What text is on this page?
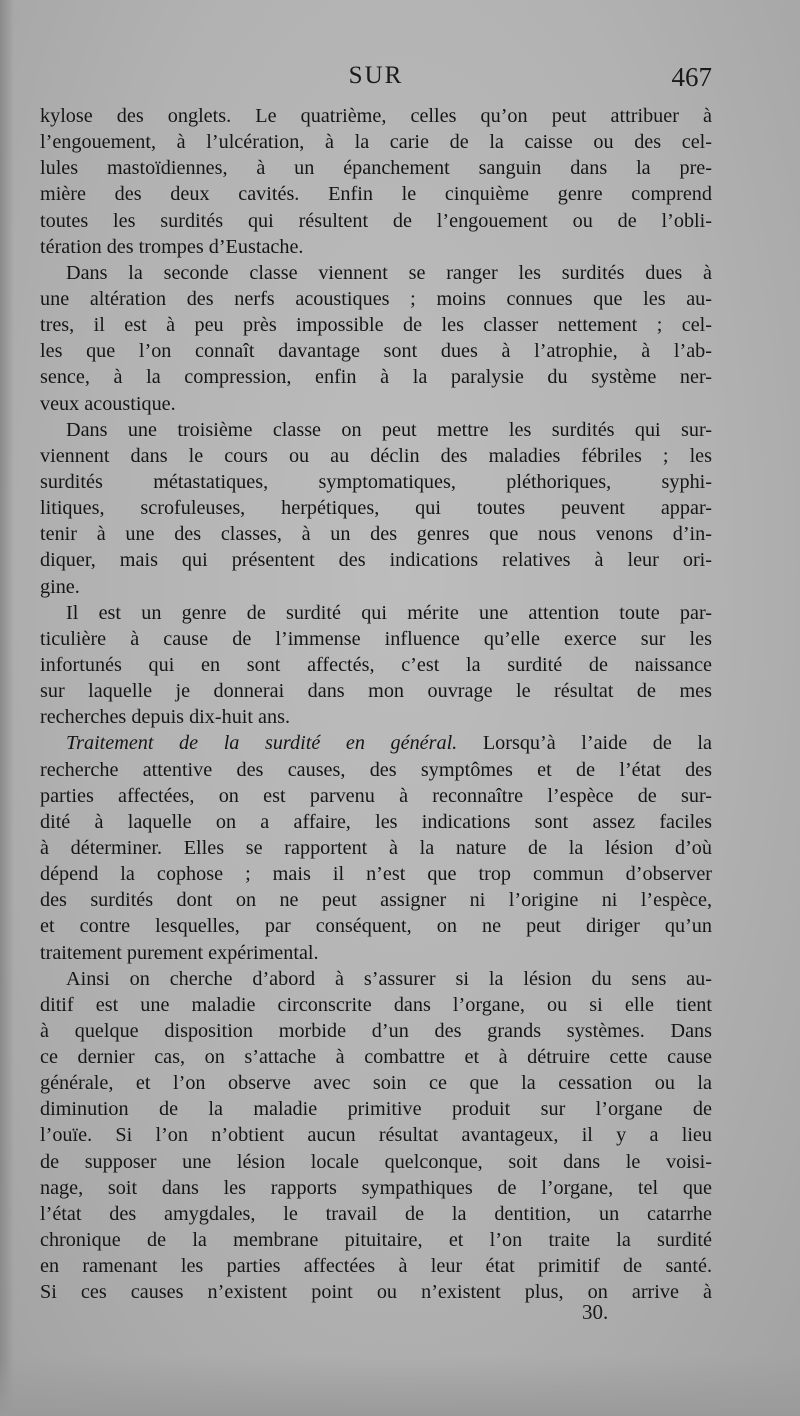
SUR	467
kylose des onglets. Le quatrième, celles qu’on peut attribuer à
l’engouement, à l’ulcération, à la carie de la caisse ou des cel-
lules mastoïdiennes, à un épanchement sanguin dans la pre-
mière des deux cavités. Enfin le cinquième genre comprend
toutes les surdités qui résultent de l’engouement ou de l’obli-
tération des trompes d’Eustache.
Dans la seconde classe viennent se ranger les surdités dues à
une altération des nerfs acoustiques ; moins connues que les au-
tres, il est à peu près impossible de les classer nettement ; cel-
les que l’on connaît davantage sont dues à l’atrophie, à l’ab-
sence, à la compression, enfin à la paralysie du système ner-
veux acoustique.
Dans une troisième classe on peut mettre les surdités qui sur-
viennent dans le cours ou au déclin des maladies fébriles ; les
surdités métastatiques, symptomatiques, pléthoriques, syphi-
litiques, scrofuleuses, herpétiques, qui toutes peuvent appar-
tenir à une des classes, à un des genres que nous venons d’in-
diquer, mais qui présentent des indications relatives à leur ori-
gine.
Il est un genre de surdité qui mérite une attention toute par-
ticulière à cause de l’immense influence qu’elle exerce sur les
infortunés qui en sont affectés, c’est la surdité de naissance
sur laquelle je donnerai dans mon ouvrage le résultat de mes
recherches depuis dix-huit ans.
Traitement de la surdité en général. Lorsqu’à l’aide de la
recherche attentive des causes, des symptômes et de l’état des
parties affectées, on est parvenu à reconnaître l’espèce de sur-
dité à laquelle on a affaire, les indications sont assez faciles
à déterminer. Elles se rapportent à la nature de la lésion d’où
dépend la cophose ; mais il n’est que trop commun d’observer
des surdités dont on ne peut assigner ni l’origine ni l’espèce,
et contre lesquelles, par conséquent, on ne peut diriger qu’un
traitement purement expérimental.
Ainsi on cherche d’abord à s’assurer si la lésion du sens au-
ditif est une maladie circonscrite dans l’organe, ou si elle tient
à quelque disposition morbide d’un des grands systèmes. Dans
ce dernier cas, on s’attache à combattre et à détruire cette cause
générale, et l’on observe avec soin ce que la cessation ou la
diminution de la maladie primitive produit sur l’organe de
l’ouïe. Si l’on n’obtient aucun résultat avantageux, il y a lieu
de supposer une lésion locale quelconque, soit dans le voisi-
nage, soit dans les rapports sympathiques de l’organe, tel que
l’état des amygdales, le travail de la dentition, un catarrhe
chronique de la membrane pituitaire, et l’on traite la surdité
en ramenant les parties affectées à leur état primitif de santé.
Si ces causes n’existent point ou n’existent plus, on arrive à
30.
